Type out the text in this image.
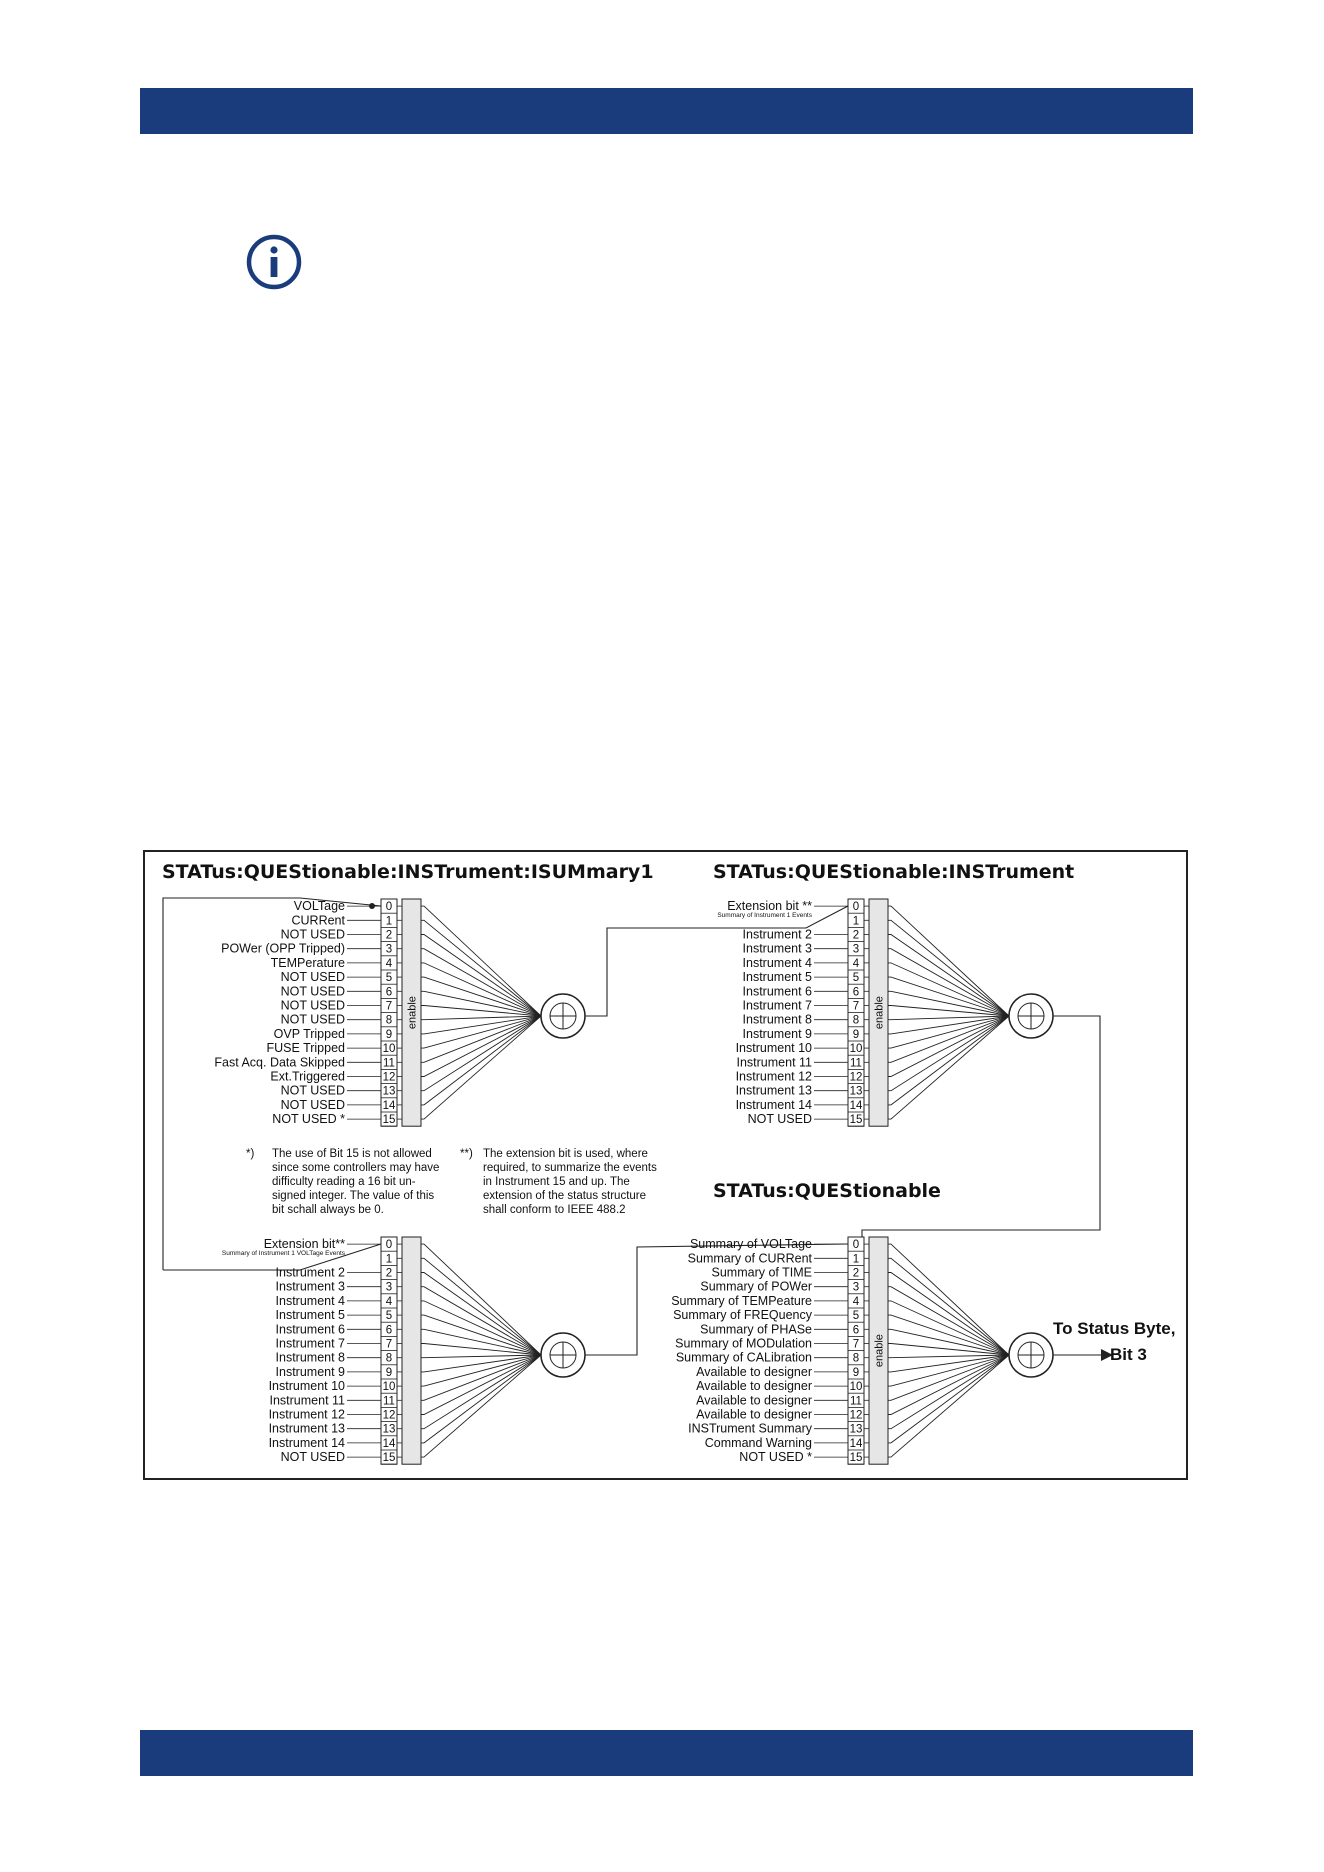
STATus:QUEStionable:INSTrument:ISUMmary1	STATus:QUEStionable:INSTrument
STATus:QUEStionable
enable
0
VOLTage
1
CURRent
2
NOT USED
3
POWer (OPP Tripped)
4
TEMPerature
5
NOT USED
6
NOT USED
7
NOT USED
8
NOT USED
9
OVP Tripped
10
FUSE Tripped
11
Fast Acq. Data Skipped
12
Ext.Triggered
13
NOT USED
14
NOT USED
15
NOT USED *
enable
0
Extension bit **
1
2
Instrument 2
3
Instrument 3
4
Instrument 4
5
Instrument 5
6
Instrument 6
7
Instrument 7
8
Instrument 8
9
Instrument 9
10
Instrument 10
11
Instrument 11
12
Instrument 12
13
Instrument 13
14
Instrument 14
15
NOT USED
Summary of Instrument 1 Events
0
Extension bit**
1
2
Instrument 2
3
Instrument 3
4
Instrument 4
5
Instrument 5
6
Instrument 6
7
Instrument 7
8
Instrument 8
9
Instrument 9
10
Instrument 10
11
Instrument 11
12
Instrument 12
13
Instrument 13
14
Instrument 14
15
NOT USED
Summary of Instrument 1 VOLTage Events
enable
0
Summary of VOLTage
1
Summary of CURRent
2
Summary of TIME
3
Summary of POWer
4
Summary of TEMPeature
5
Summary of FREQuency
6
Summary of PHASe
7
Summary of MODulation
8
Summary of CALibration
9
Available to designer
10
Available to designer
11
Available to designer
12
Available to designer
13
INSTrument Summary
14
Command Warning
15
NOT USED *
*) The use of Bit 15 is not allowed
since some controllers may have
difficulty reading a 16 bit un-
signed integer. The value of this
bit schall always be 0.
**) The extension bit is used, where
required, to summarize the events
in Instrument 15 and up. The
extension of the status structure
shall conform to IEEE 488.2
To Status Byte,
Bit 3
